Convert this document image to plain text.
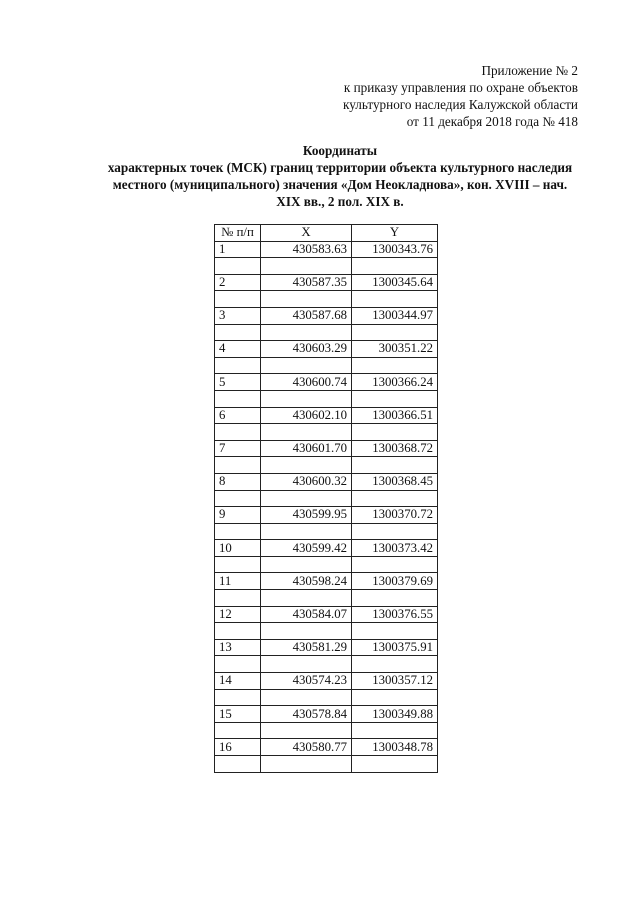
Приложение № 2
к приказу управления по охране объектов
культурного наследия Калужской области
от 11 декабря 2018 года № 418
Координаты
характерных точек (МСК) границ территории объекта культурного наследия
местного (муниципального) значения «Дом Неокладнова», кон. XVIII – нач.
XIX вв., 2 пол. XIX в.
№ п/п	X	Y
1	430583.63	1300343.76

2	430587.35	1300345.64

3	430587.68	1300344.97

4	430603.29	300351.22

5	430600.74	1300366.24

6	430602.10	1300366.51

7	430601.70	1300368.72

8	430600.32	1300368.45

9	430599.95	1300370.72

10	430599.42	1300373.42

11	430598.24	1300379.69

12	430584.07	1300376.55

13	430581.29	1300375.91

14	430574.23	1300357.12

15	430578.84	1300349.88

16	430580.77	1300348.78
